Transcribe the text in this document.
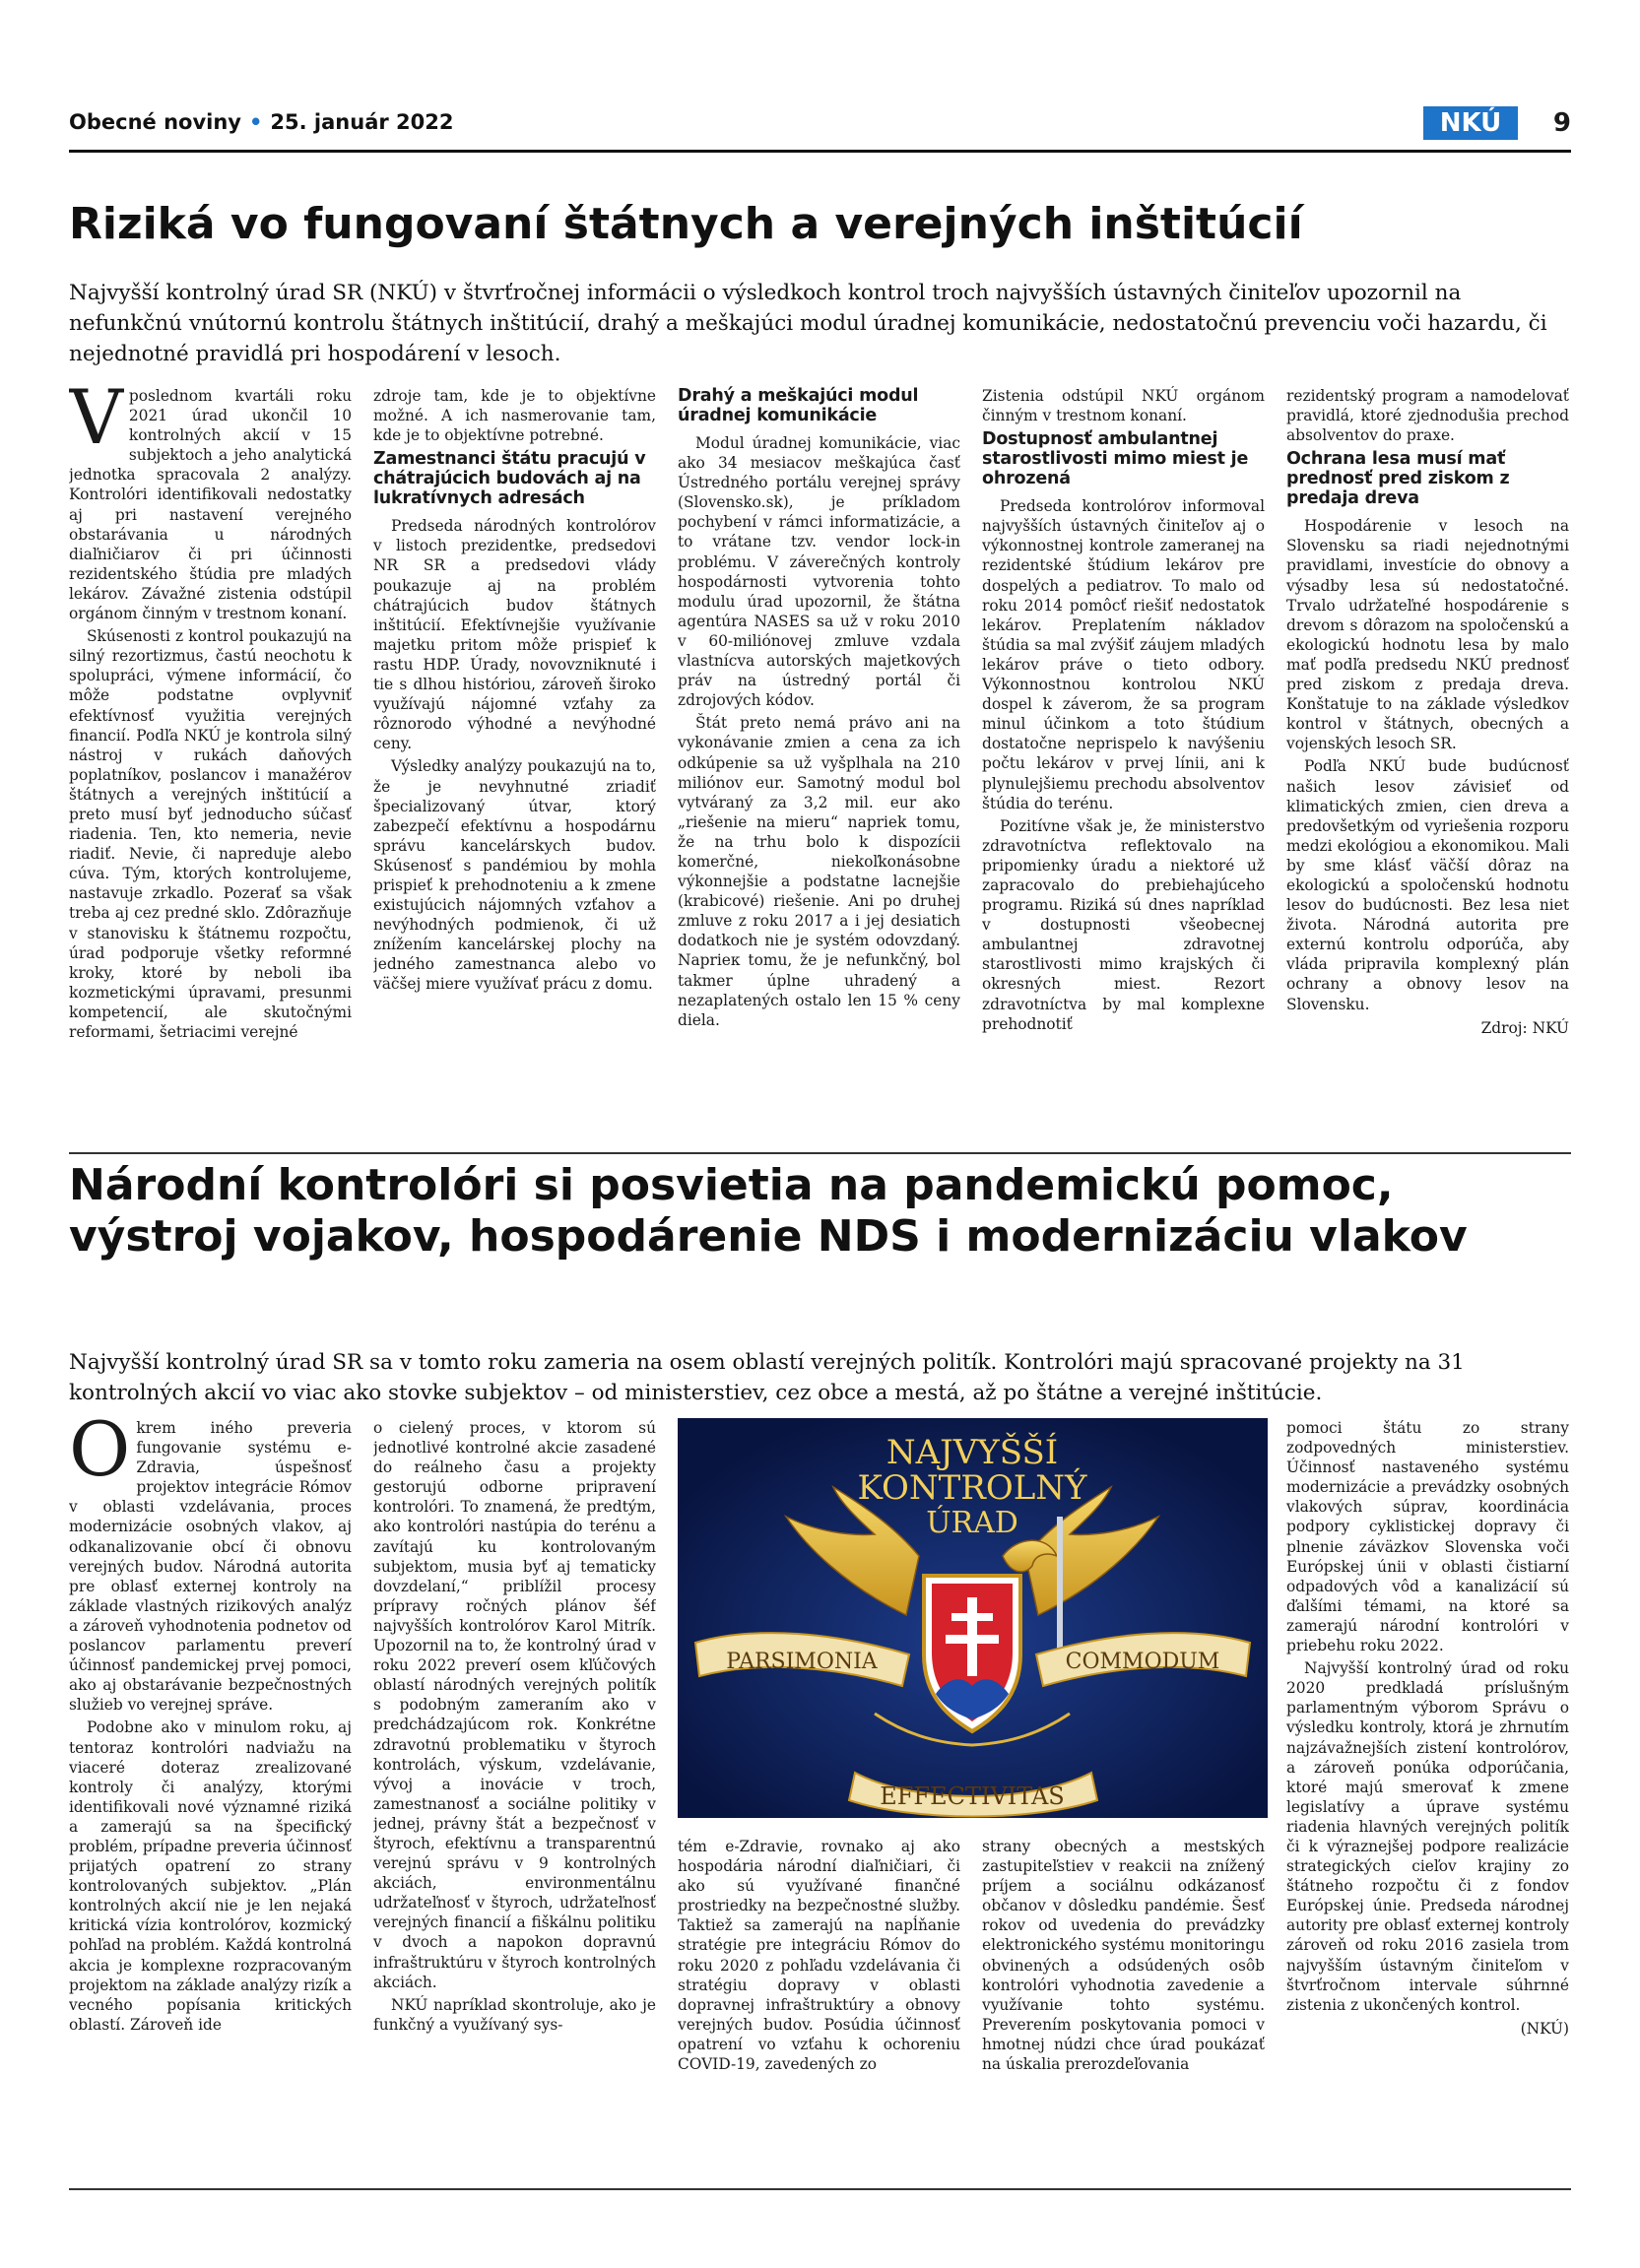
Obecné noviny • 25. január 2022	NKÚ	9
Riziká vo fungovaní štátnych a verejných inštitúcií

Najvyšší kontrolný úrad SR (NKÚ) v štvrťročnej informácii o výsledkoch kontrol troch najvyšších ústavných činiteľov upozornil na nefunkčnú vnútornú kontrolu štátnych inštitúcií, drahý a meškajúci modul úradnej komunikácie, nedostatočnú prevenciu voči hazardu, či nejednotné pravidlá pri hospodárení v lesoch.

Vposlednom kvartáli roku 2021 úrad ukončil 10 kontrolných akcií v 15 subjektoch a jeho analytická jednotka spracovala 2 analýzy. Kontrolóri identifikovali nedostatky aj pri nastavení verejného obstarávania u národných diaľničiarov či pri účinnosti rezidentského štúdia pre mladých lekárov. Závažné zistenia odstúpil orgánom činným v trestnom konaní.

Skúsenosti z kontrol poukazujú na silný rezortizmus, častú neochotu k spolupráci, výmene informácií, čo môže podstatne ovplyvniť efektívnosť využitia verejných financií. Podľa NKÚ je kontrola silný nástroj v rukách daňových poplatníkov, poslancov i manažérov štátnych a verejných inštitúcií a preto musí byť jednoducho súčasť riadenia. Ten, kto nemeria, nevie riadiť. Nevie, či napreduje alebo cúva. Tým, ktorých kontrolujeme, nastavuje zrkadlo. Pozerať sa však treba aj cez predné sklo. Zdôrazňuje v stanovisku k štátnemu rozpočtu, úrad podporuje všetky reformné kroky, ktoré by neboli iba kozmetickými úpravami, presunmi kompetencií, ale skutočnými reformami, šetriacimi verejné

zdroje tam, kde je to objektívne možné. A ich nasmerovanie tam, kde je to objektívne potrebné.

Zamestnanci štátu pracujú v chátrajúcich budovách aj na lukratívnych adresách

Predseda národných kontrolórov v listoch prezidentke, predsedovi NR SR a predsedovi vlády poukazuje aj na problém chátrajúcich budov štátnych inštitúcií. Efektívnejšie využívanie majetku pritom môže prispieť k rastu HDP. Úrady, novovzniknuté i tie s dlhou históriou, zároveň široko využívajú nájomné vzťahy za rôznorodo výhodné a nevýhodné ceny.

Výsledky analýzy poukazujú na to, že je nevyhnutné zriadiť špecializovaný útvar, ktorý zabezpečí efektívnu a hospodárnu správu kancelárskych budov. Skúsenosť s pandémiou by mohla prispieť k prehodnoteniu a k zmene existujúcich nájomných vzťahov a nevýhodných podmienok, či už znížením kancelárskej plochy na jedného zamestnanca alebo vo väčšej miere využívať prácu z domu.

Drahý a meškajúci modul úradnej komunikácie

Modul úradnej komunikácie, viac ako 34 mesiacov meškajúca časť Ústredného portálu verejnej správy (Slovensko.sk), je príkladom pochybení v rámci informatizácie, a to vrátane tzv. vendor lock-in problému. V záverečných kontroly hospodárnosti vytvorenia tohto modulu úrad upozornil, že štátna agentúra NASES sa už v roku 2010 v 60-miliónovej zmluve vzdala vlastnícva autorských majetkových práv na ústredný portál či zdrojových kódov.

Štát preto nemá právo ani na vykonávanie zmien a cena za ich odkúpenie sa už vyšplhala na 210 miliónov eur. Samotný modul bol vytváraný za 3,2 mil. eur ako „riešenie na mieru“ napriek tomu, že na trhu bolo k dispozícii komerčné, niekoľkonásobne výkonnejšie a podstatne lacnejšie (krabicové) riešenie. Ani po druhej zmluve z roku 2017 a i jej desiatich dodatkoch nie je systém odovzdaný. Naprieк tomu, že je nefunkčný, bol takmer úplne uhradený a nezaplatených ostalo len 15 % ceny diela.

Zistenia odstúpil NKÚ orgánom činným v trestnom konaní.

Dostupnosť ambulantnej starostlivosti mimo miest je ohrozená

Predseda kontrolórov informoval najvyšších ústavných činiteľov aj o výkonnostnej kontrole zameranej na rezidentské štúdium lekárov pre dospelých a pediatrov. To malo od roku 2014 pomôcť riešiť nedostatok lekárov. Preplatením nákladov štúdia sa mal zvýšiť záujem mladých lekárov práve o tieto odbory. Výkonnostnou kontrolou NKÚ dospel k záverom, že sa program minul účinkom a toto štúdium dostatočne neprispelo k navýšeniu počtu lekárov v prvej línii, ani k plynulejšiemu prechodu absolventov štúdia do terénu.

Pozitívne však je, že ministerstvo zdravotníctva reflektovalo na pripomienky úradu a niektoré už zapracovalo do prebiehajúceho programu. Riziká sú dnes napríklad v dostupnosti všeobecnej ambulantnej zdravotnej starostlivosti mimo krajských či okresných miest. Rezort zdravotníctva by mal komplexne prehodnotiť

rezidentský program a namodelovať pravidlá, ktoré zjednodušia prechod absolventov do praxe.

Ochrana lesa musí mať prednosť pred ziskom z predaja dreva

Hospodárenie v lesoch na Slovensku sa riadi nejednotnými pravidlami, investície do obnovy a výsadby lesa sú nedostatočné. Trvalo udržateľné hospodárenie s drevom s dôrazom na spoločenskú a ekologickú hodnotu lesa by malo mať podľa predsedu NKÚ prednosť pred ziskom z predaja dreva. Konštatuje to na základe výsledkov kontrol v štátnych, obecných a vojenských lesoch SR.

Podľa NKÚ bude budúcnosť našich lesov závisieť od klimatických zmien, cien dreva a predovšetkým od vyriešenia rozporu medzi ekológiou a ekonomikou. Mali by sme klásť väčší dôraz na ekologickú a spoločenskú hodnotu lesov do budúcnosti. Bez lesa niet života. Národná autorita pre externú kontrolu odporúča, aby vláda pripravila komplexný plán ochrany a obnovy lesov na Slovensku.

Zdroj: NKÚ
Národní kontrolóri si posvietia na pandemickú pomoc, výstroj vojakov, hospodárenie NDS i modernizáciu vlakov

Najvyšší kontrolný úrad SR sa v tomto roku zameria na osem oblastí verejných politík. Kontrolóri majú spracované projekty na 31 kontrolných akcií vo viac ako stovke subjektov – od ministerstiev, cez obce a mestá, až po štátne a verejné inštitúcie.

Okrem iného preveria fungovanie systému e-Zdravia, úspešnosť projektov integrácie Rómov v oblasti vzdelávania, proces modernizácie osobných vlakov, aj odkanalizovanie obcí či obnovu verejných budov. Národná autorita pre oblasť externej kontroly na základe vlastných rizikových analýz a zároveň vyhodnotenia podnetov od poslancov parlamentu preverí účinnosť pandemickej prvej pomoci, ako aj obstarávanie bezpečnostných služieb vo verejnej správe.

Podobne ako v minulom roku, aj tentoraz kontrolóri nadviažu na viaceré doteraz zrealizované kontroly či analýzy, ktorými identifikovali nové významné riziká a zamerajú sa na špecifický problém, prípadne preveria účinnosť prijatých opatrení zo strany kontrolovaných subjektov. „Plán kontrolných akcií nie je len nejaká kritická vízia kontrolórov, kozmický pohľad na problém. Každá kontrolná akcia je komplexne rozpracovaným projektom na základe analýzy rizík a vecného popísania kritických oblastí. Zároveň ide

o cielený proces, v ktorom sú jednotlivé kontrolné akcie zasadené do reálneho času a projekty gestorujú odborne pripravení kontrolóri. To znamená, že predtým, ako kontrolóri nastúpia do terénu a zavítajú ku kontrolovaným subjektom, musia byť aj tematicky dovzdelaní,“ priblížil procesy prípravy ročných plánov šéf najvyšších kontrolórov Karol Mitrík. Upozornil na to, že kontrolný úrad v roku 2022 preverí osem kľúčových oblastí národných verejných politík s podobným zameraním ako v predchádzajúcom rok. Konkrétne zdravotnú problematiku v štyroch kontrolách, výskum, vzdelávanie, vývoj a inovácie v troch, zamestnanosť a sociálne politiky v jednej, právny štát a bezpečnosť v štyroch, efektívnu a transparentnú verejnú správu v 9 kontrolných akciách, environmentálnu udržateľnosť v štyroch, udržateľnosť verejných financií a fiškálnu politiku v dvoch a napokon dopravnú infraštruktúru v štyroch kontrolných akciách.

NKÚ napríklad skontroluje, ako je funkčný a využívaný sys-

tém e-Zdravie, rovnako aj ako hospodária národní diaľničiari, či ako sú využívané finančné prostriedky na bezpečnostné služby. Taktiež sa zamerajú na napĺňanie stratégie pre integráciu Rómov do roku 2020 z pohľadu vzdelávania či stratégiu dopravy v oblasti dopravnej infraštruktúry a obnovy verejných budov. Posúdia účinnosť opatrení vo vzťahu k ochoreniu COVID-19, zavedených zo

strany obecných a mestských zastupiteľstiev v reakcii na znížený príjem a sociálnu odkázanosť občanov v dôsledku pandémie. Šesť rokov od uvedenia do prevádzky elektronického systému monitoringu obvinených a odsúdených osôb kontrolóri vyhodnotia zavedenie a využívanie tohto systému. Preverením poskytovania pomoci v hmotnej núdzi chce úrad poukázať na úskalia prerozdeľovania

pomoci štátu zo strany zodpovedných ministerstiev. Účinnosť nastaveného systému modernizácie a prevádzky osobných vlakových súprav, koordinácia podpory cyklistickej dopravy či plnenie záväzkov Slovenska voči Európskej únii v oblasti čistiarní odpadových vôd a kanalizácií sú ďalšími témami, na ktoré sa zamerajú národní kontrolóri v priebehu roku 2022.

Najvyšší kontrolný úrad od roku 2020 predkladá príslušným parlamentným výborom Správu o výsledku kontroly, ktorá je zhrnutím najzávažnejších zistení kontrolórov, a zároveň ponúka odporúčania, ktoré majú smerovať k zmene legislatívy a úprave systému riadenia hlavných verejných politík či k výraznejšej podpore realizácie strategických cieľov krajiny zo štátneho rozpočtu či z fondov Európskej únie. Predseda národnej autority pre oblasť externej kontroly zároveň od roku 2016 zasiela trom najvyšším ústavným činiteľom v štvrťročnom intervale súhrnné zistenia z ukončených kontrol.

(NKÚ)
NAJVYŠŠÍ
KONTROLNÝ
ÚRAD
PARSIMONIA	COMMODUM
EFFECTIVITAS
